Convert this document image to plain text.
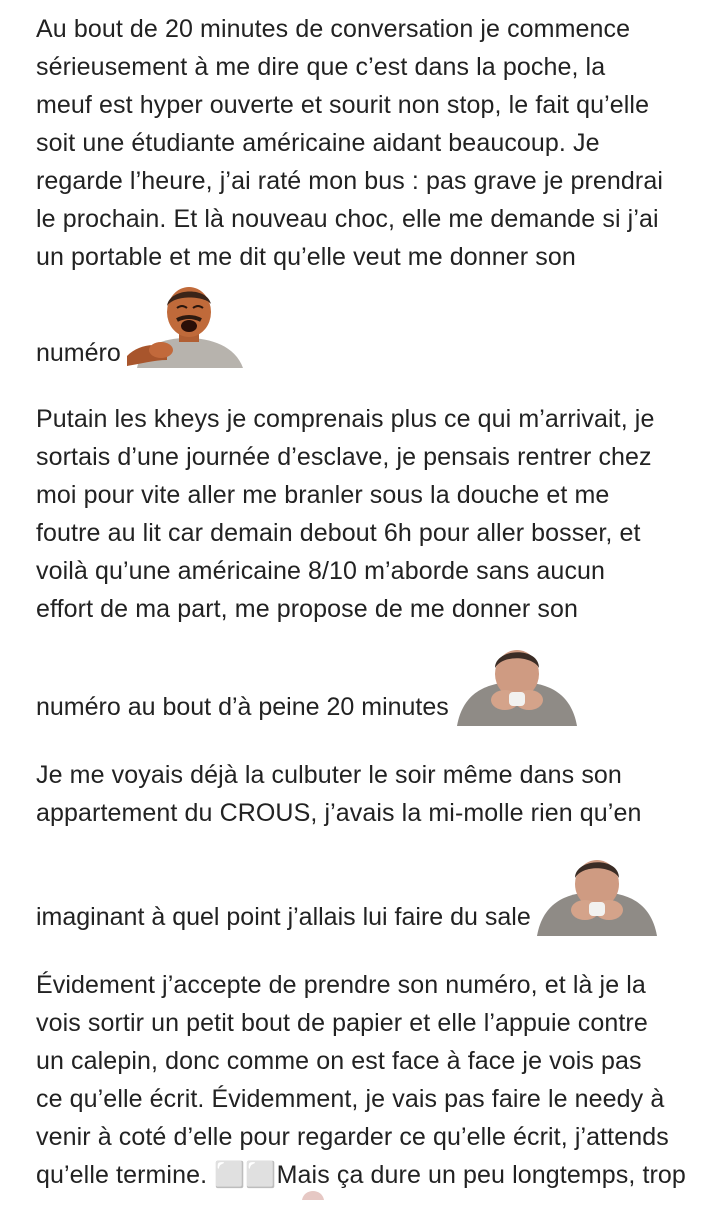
Au bout de 20 minutes de conversation je commence
sérieusement à me dire que c’est dans la poche, la
meuf est hyper ouverte et sourit non stop, le fait qu’elle
soit une étudiante américaine aidant beaucoup. Je
regarde l’heure, j’ai raté mon bus : pas grave je prendrai
le prochain. Et là nouveau choc, elle me demande si j’ai
un portable et me dit qu’elle veut me donner son
numéro
Putain les kheys je comprenais plus ce qui m’arrivait, je
sortais d’une journée d’esclave, je pensais rentrer chez
moi pour vite aller me branler sous la douche et me
foutre au lit car demain debout 6h pour aller bosser, et
voilà qu’une américaine 8/10 m’aborde sans aucun
effort de ma part, me propose de me donner son
numéro au bout d’à peine 20 minutes
Je me voyais déjà la culbuter le soir même dans son
appartement du CROUS, j’avais la mi-molle rien qu’en
imaginant à quel point j’allais lui faire du sale
Évidement j’accepte de prendre son numéro, et là je la
vois sortir un petit bout de papier et elle l’appuie contre
un calepin, donc comme on est face à face je vois pas
ce qu’elle écrit. Évidemment, je vais pas faire le needy à
venir à coté d’elle pour regarder ce qu’elle écrit, j’attends
qu’elle termine. ⬜⬜Mais ça dure un peu longtemps, trop
